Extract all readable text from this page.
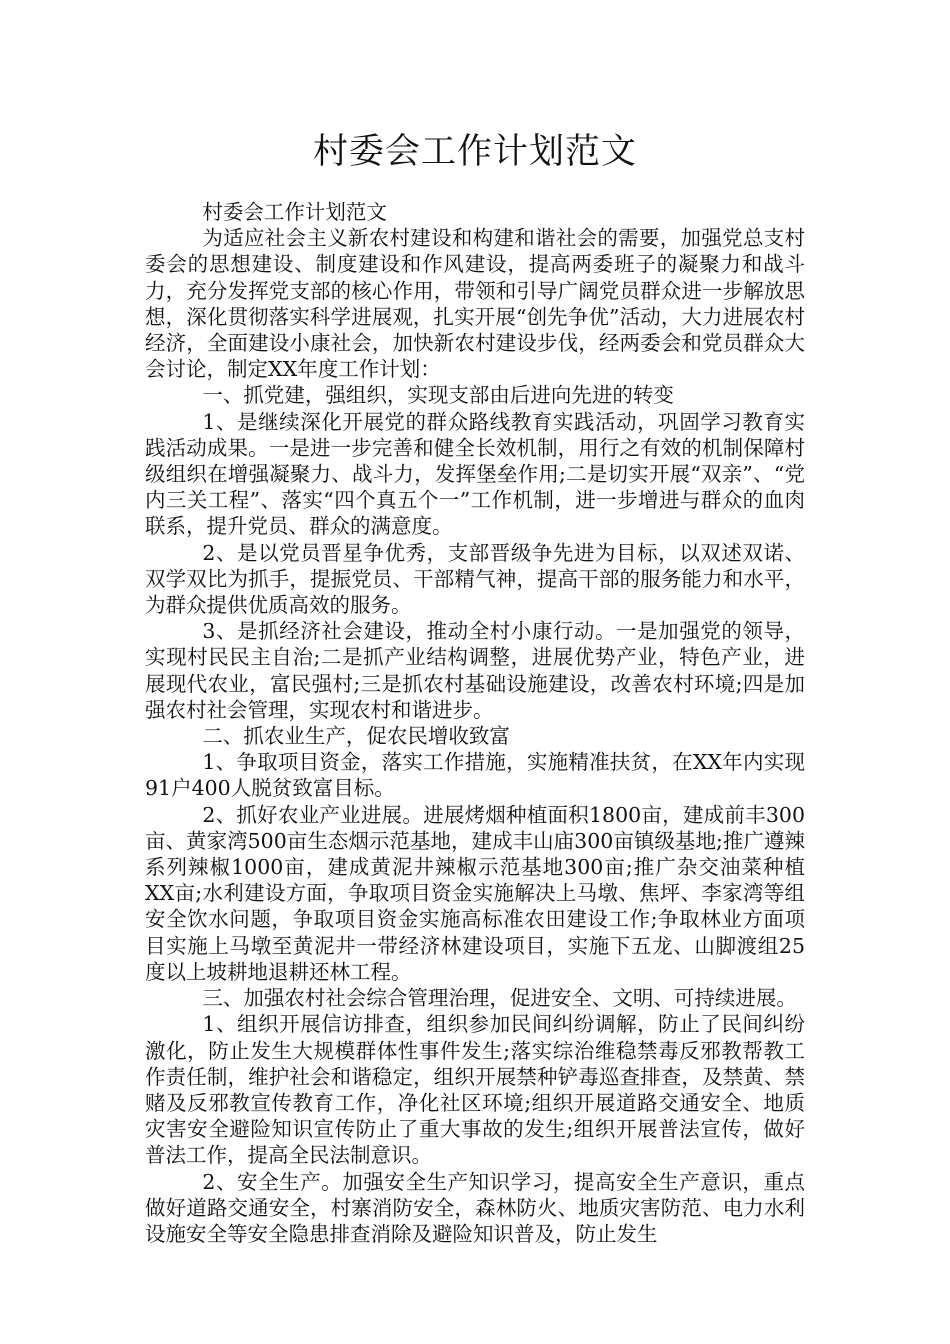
村委会工作计划范文

村委会工作计划范文

为适应社会主义新农村建设和构建和谐社会的需要，加强党总支村委会的思想建设、制度建设和作风建设，提高两委班子的凝聚力和战斗力，充分发挥党支部的核心作用，带领和引导广阔党员群众进一步解放思想，深化贯彻落实科学进展观，扎实开展“创先争优”活动，大力进展农村经济，全面建设小康社会，加快新农村建设步伐，经两委会和党员群众大会讨论，制定XX年度工作计划：

一、抓党建，强组织，实现支部由后进向先进的转变

1、是继续深化开展党的群众路线教育实践活动，巩固学习教育实践活动成果。一是进一步完善和健全长效机制，用行之有效的机制保障村级组织在增强凝聚力、战斗力，发挥堡垒作用;二是切实开展“双亲”、“党内三关工程”、落实“四个真五个一”工作机制，进一步增进与群众的血肉联系，提升党员、群众的满意度。

2、是以党员晋星争优秀，支部晋级争先进为目标，以双述双诺、双学双比为抓手，提振党员、干部精气神，提高干部的服务能力和水平，为群众提供优质高效的服务。

3、是抓经济社会建设，推动全村小康行动。一是加强党的领导，实现村民民主自治;二是抓产业结构调整，进展优势产业，特色产业，进展现代农业，富民强村;三是抓农村基础设施建设，改善农村环境;四是加强农村社会管理，实现农村和谐进步。

二、抓农业生产，促农民增收致富

1、争取项目资金，落实工作措施，实施精准扶贫，在XX年内实现91户400人脱贫致富目标。

2、抓好农业产业进展。进展烤烟种植面积1800亩，建成前丰300亩、黄家湾500亩生态烟示范基地，建成丰山庙300亩镇级基地;推广遵辣系列辣椒1000亩，建成黄泥井辣椒示范基地300亩;推广杂交油菜种植XX亩;水利建设方面，争取项目资金实施解决上马墩、焦坪、李家湾等组安全饮水问题，争取项目资金实施高标准农田建设工作;争取林业方面项目实施上马墩至黄泥井一带经济林建设项目，实施下五龙、山脚渡组25度以上坡耕地退耕还林工程。

三、加强农村社会综合管理治理，促进安全、文明、可持续进展。

1、组织开展信访排查，组织参加民间纠纷调解，防止了民间纠纷激化，防止发生大规模群体性事件发生;落实综治维稳禁毒反邪教帮教工作责任制，维护社会和谐稳定，组织开展禁种铲毒巡查排查，及禁黄、禁赌及反邪教宣传教育工作，净化社区环境;组织开展道路交通安全、地质灾害安全避险知识宣传防止了重大事故的发生;组织开展普法宣传，做好普法工作，提高全民法制意识。

2、安全生产。加强安全生产知识学习，提高安全生产意识，重点做好道路交通安全，村寨消防安全，森林防火、地质灾害防范、电力水利设施安全等安全隐患排查消除及避险知识普及，防止发生
